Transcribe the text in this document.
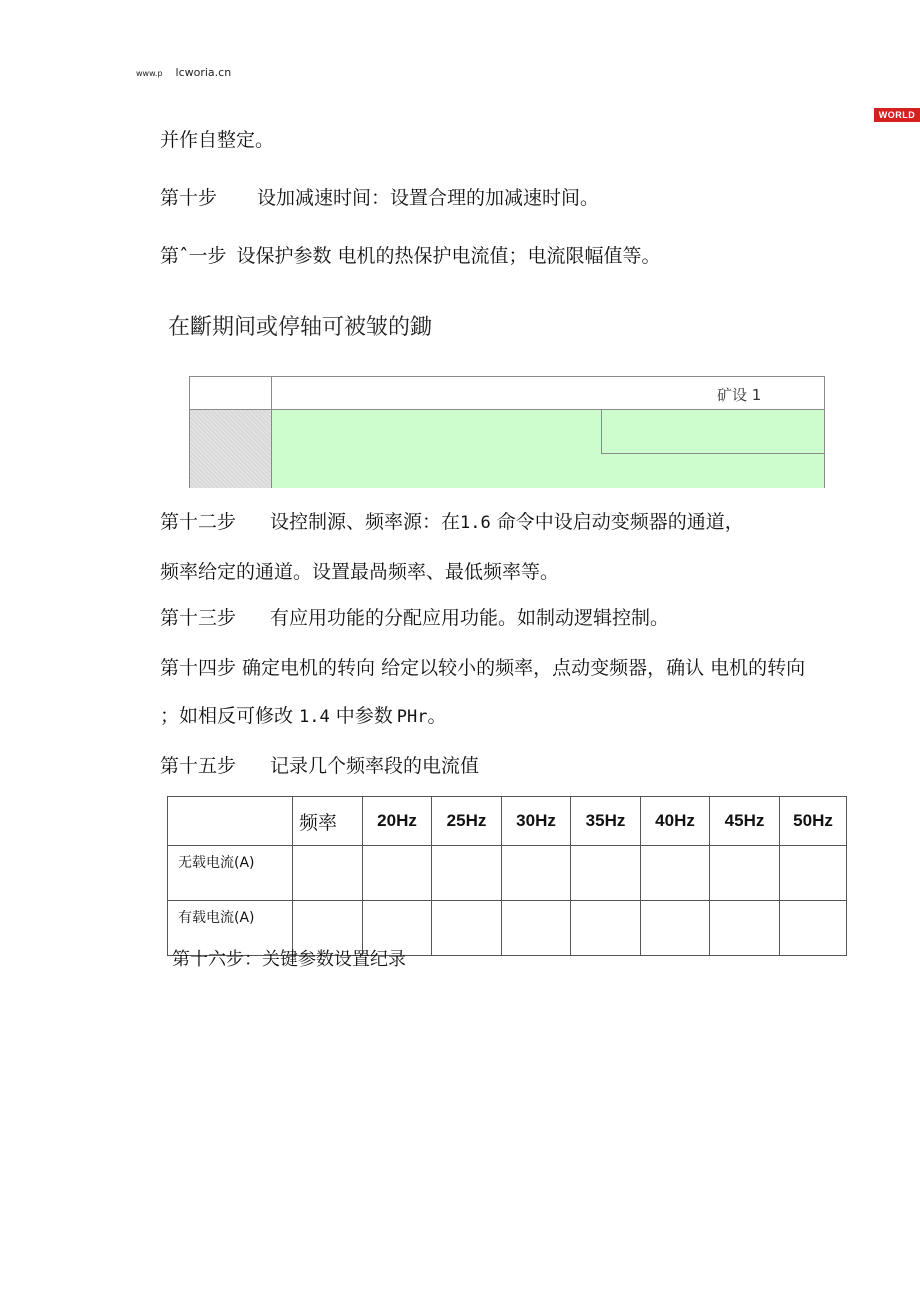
www.p lcworia.cn
WORLD
并作自整定。
第十步 设加减速时间：设置合理的加减速时间。
第ˆ一步 设保护参数 电机的热保护电流值；电流限幅值等。
在斷期间或停轴可被皱的鋤
矿设 1
第十二步 设控制源、频率源：在1.6 命令中设启动变频器的通道，
频率给定的通道。设置最咼频率、最低频率等。
第十三步 有应用功能的分配应用功能。如制动逻辑控制。
第十四步 确定电机的转向 给定以较小的频率，点动变频器，确认 电机的转向
；如相反可修改 1.4 中参数 PHr。
第十五步 记录几个频率段的电流值
	频率	20Hz	25Hz	30Hz	35Hz	40Hz	45Hz	50Hz
无载电流(A)								
有载电流(A)								
第十六步：关键参数设置纪录
